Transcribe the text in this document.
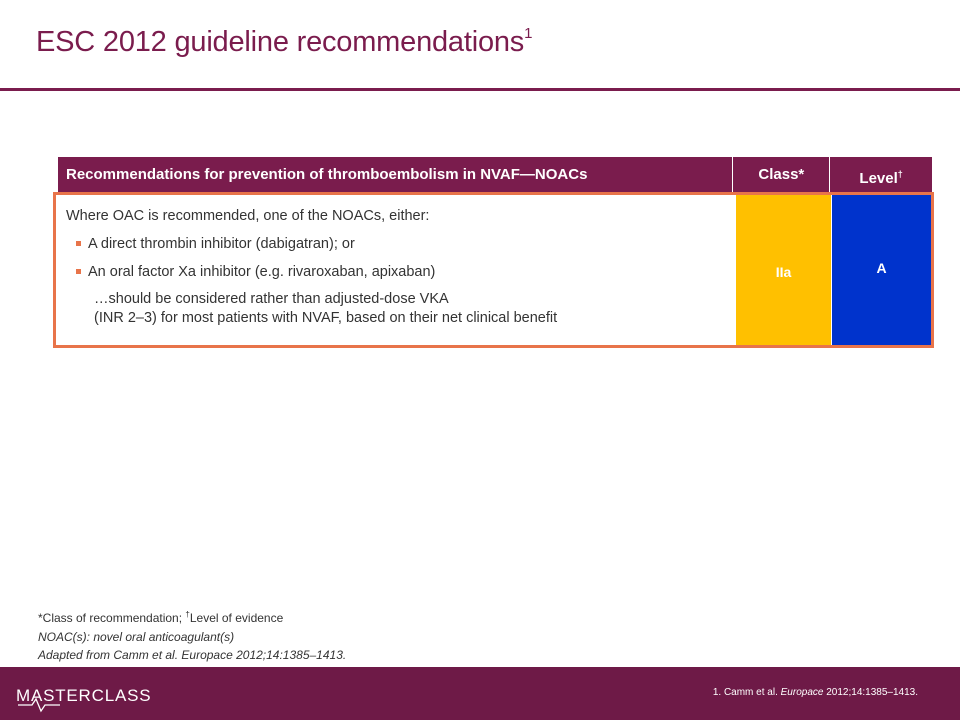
ESC 2012 guideline recommendations$^1$
Recommendations for prevention of thromboembolism in NVAF—NOACs	Class*	Level†
Where OAC is recommended, one of the NOACs, either:
A direct thrombin inhibitor (dabigatran); or
An oral factor Xa inhibitor (e.g. rivaroxaban, apixaban)
…should be considered rather than adjusted-dose VKA
(INR 2–3) for most patients with NVAF, based on their net clinical benefit
IIa	A
*Class of recommendation; †Level of evidence
NOAC(s): novel oral anticoagulant(s)
Adapted from Camm et al. Europace 2012;14:1385–1413.
MASTERCLASS	1. Camm et al. Europace 2012;14:1385–1413.
